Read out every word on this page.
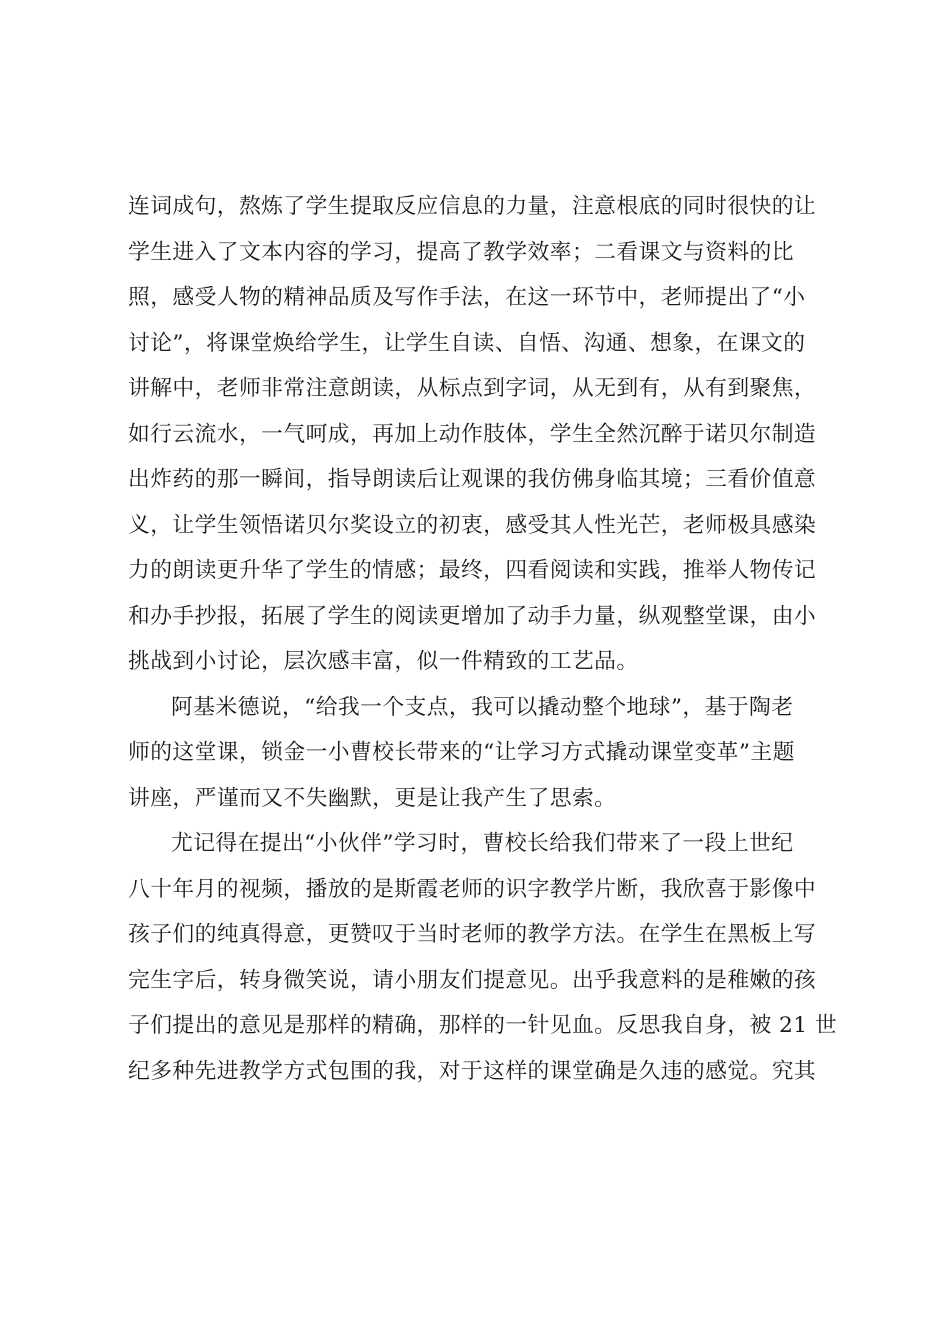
连词成句，熬炼了学生提取反应信息的力量，注意根底的同时很快的让
学生进入了文本内容的学习，提高了教学效率；二看课文与资料的比
照，感受人物的精神品质及写作手法，在这一环节中，老师提出了“小
讨论”，将课堂焕给学生，让学生自读、自悟、沟通、想象，在课文的
讲解中，老师非常注意朗读，从标点到字词，从无到有，从有到聚焦，
如行云流水，一气呵成，再加上动作肢体，学生全然沉醉于诺贝尔制造
出炸药的那一瞬间，指导朗读后让观课的我仿佛身临其境；三看价值意
义，让学生领悟诺贝尔奖设立的初衷，感受其人性光芒，老师极具感染
力的朗读更升华了学生的情感；最终，四看阅读和实践，推举人物传记
和办手抄报，拓展了学生的阅读更增加了动手力量，纵观整堂课，由小
挑战到小讨论，层次感丰富，似一件精致的工艺品。
阿基米德说，“给我一个支点，我可以撬动整个地球”，基于陶老
师的这堂课，锁金一小曹校长带来的“让学习方式撬动课堂变革”主题
讲座，严谨而又不失幽默，更是让我产生了思索。
尤记得在提出“小伙伴”学习时，曹校长给我们带来了一段上世纪
八十年月的视频，播放的是斯霞老师的识字教学片断，我欣喜于影像中
孩子们的纯真得意，更赞叹于当时老师的教学方法。在学生在黑板上写
完生字后，转身微笑说，请小朋友们提意见。出乎我意料的是稚嫩的孩
子们提出的意见是那样的精确，那样的一针见血。反思我自身，被 21 世
纪多种先进教学方式包围的我，对于这样的课堂确是久违的感觉。究其
